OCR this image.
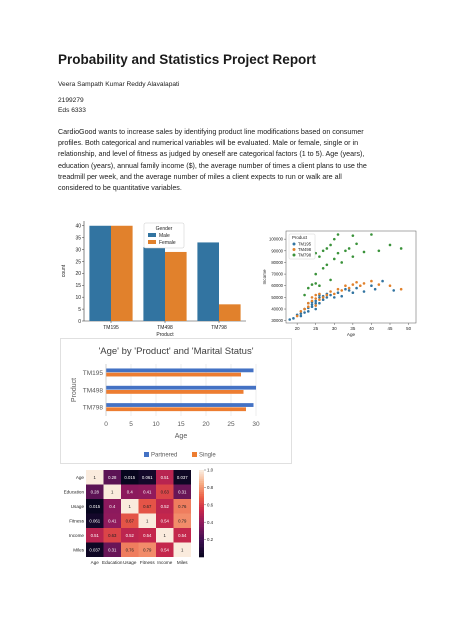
Probability and Statistics Project Report
Veera Sampath Kumar Reddy Alavalapati
2199279
Eds 6333
CardioGood wants to increase sales by identifying product line modifications based on consumer
profiles. Both categorical and numerical variables will be evaluated. Male or female, single or in
relationship, and level of fitness as judged by oneself are categorical factors (1 to 5). Age (years),
education (years), annual family income ($), the average number of times a client plans to use the
treadmill per week, and the average number of miles a client expects to run or walk are all
considered to be quantitative variables.
0
5
10
15
20
25
30
35
40
TM195	TM498	TM798
Product
count
Gender
Male
Female
20	25	30	35	40	45	50
30000
40000
50000
60000
70000
80000
90000
100000
Age
Income
Product
TM195
TM498
TM798
'Age' by 'Product' and 'Marital Status'
0	5	10	15	20	25	30
TM195
TM498
TM798
Age
Product
Partnered	Single
1	0.28 0.015 0.061 0.51 0.037
Age
0.28	1	0.4 0.41 0.63 0.31
Education
0.015 0.4	1	0.67 0.52 0.76
Usage
0.061 0.41 0.67	1	0.54 0.79
Fitness
0.51 0.63 0.52 0.54	1	0.54
Income
0.037 0.31 0.76 0.79 0.54	1
Miles
Age Education Usage Fitness Income Miles
1.0
0.8
0.6
0.4
0.2
